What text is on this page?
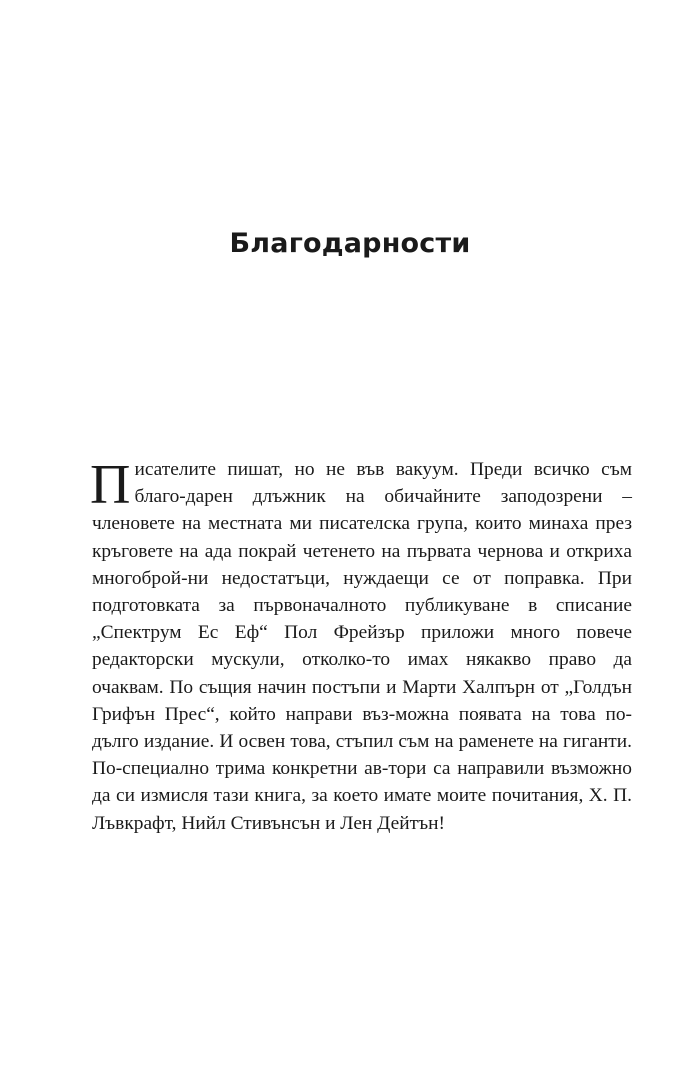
Благодарности

Писателите пишат, но не във вакуум. Преди всичко съм благо-дарен длъжник на обичайните заподозрени – членовете на местната ми писателска група, които минаха през кръговете на ада покрай четенето на първата чернова и открихa многоброй-ни недостатъци, нуждаещи се от поправка. При подготовката за първоначалното публикуване в списание „Спектрум Ес Еф“ Пол Фрейзър приложи много повече редакторски мускули, отколко-то имах някакво право да очаквам. По същия начин постъпи и Марти Халпърн от „Голдън Грифън Прес“, който направи въз-можна появата на това по-дълго издание. И освен това, стъпил съм на раменете на гиганти. По-специално трима конкретни ав-тори са направили възможно да си измисля тази книга, за което имате моите почитания, Х. П. Лъвкрафт, Нийл Стивънсън и Лен Дейтън!
